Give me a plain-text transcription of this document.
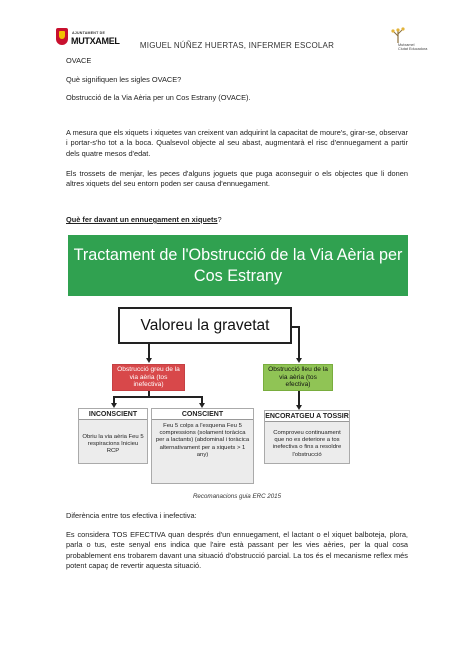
AJUNTAMENT DE
MUTXAMEL	Mutxamel
Ciutat Educadora
MIGUEL NÚÑEZ HUERTAS, INFERMER ESCOLAR
OVACE
Què signifiquen les sigles OVACE?
Obstrucció de la Via Aèria per un Cos Estrany (OVACE).
A mesura que els xiquets i xiquetes van creixent van adquirint la capacitat de moure's, girar-se, observar i portar-s'ho tot a la boca. Qualsevol objecte al seu abast, augmentarà el risc d'ennuegament a partir dels quatre mesos d'edat.
Els trossets de menjar, les peces d'alguns joguets que puga aconseguir o els objectes que li donen altres xiquets del seu entorn poden ser causa d'ennuegament.
Què fer davant un ennuegament en xiquets?
Tractament de l'Obstrucció de la Via Aèria per Cos Estrany
Valoreu la gravetat
Obstrucció greu de la via aèria (tos inefectiva)
Obstrucció lleu de la via aèria (tos efectiva)
INCONSCIENT
Obriu la via aèria Feu 5 respiracions Inicieu RCP
CONSCIENT
Feu 5 colps a l'esquena Feu 5 compressions (solament toràcica per a lactants) (abdominal i toràcica alternativament per a xiquets > 1 any)
ENCORATGEU A TOSSIR
Comproveu continuament que no es deteriore a tos inefectiva o fins a resoldre l'obstrucció
Recomanacions guia ERC 2015
Diferència entre tos efectiva i inefectiva:
Es considera TOS EFECTIVA quan després d'un ennuegament, el lactant o el xiquet balboteja, plora, parla o tus, este senyal ens indica que l'aire està passant per les vies aèries, per la qual cosa probablement ens trobarem davant una situació d'obstrucció parcial. La tos és el mecanisme reflex més potent capaç de revertir aquesta situació.
